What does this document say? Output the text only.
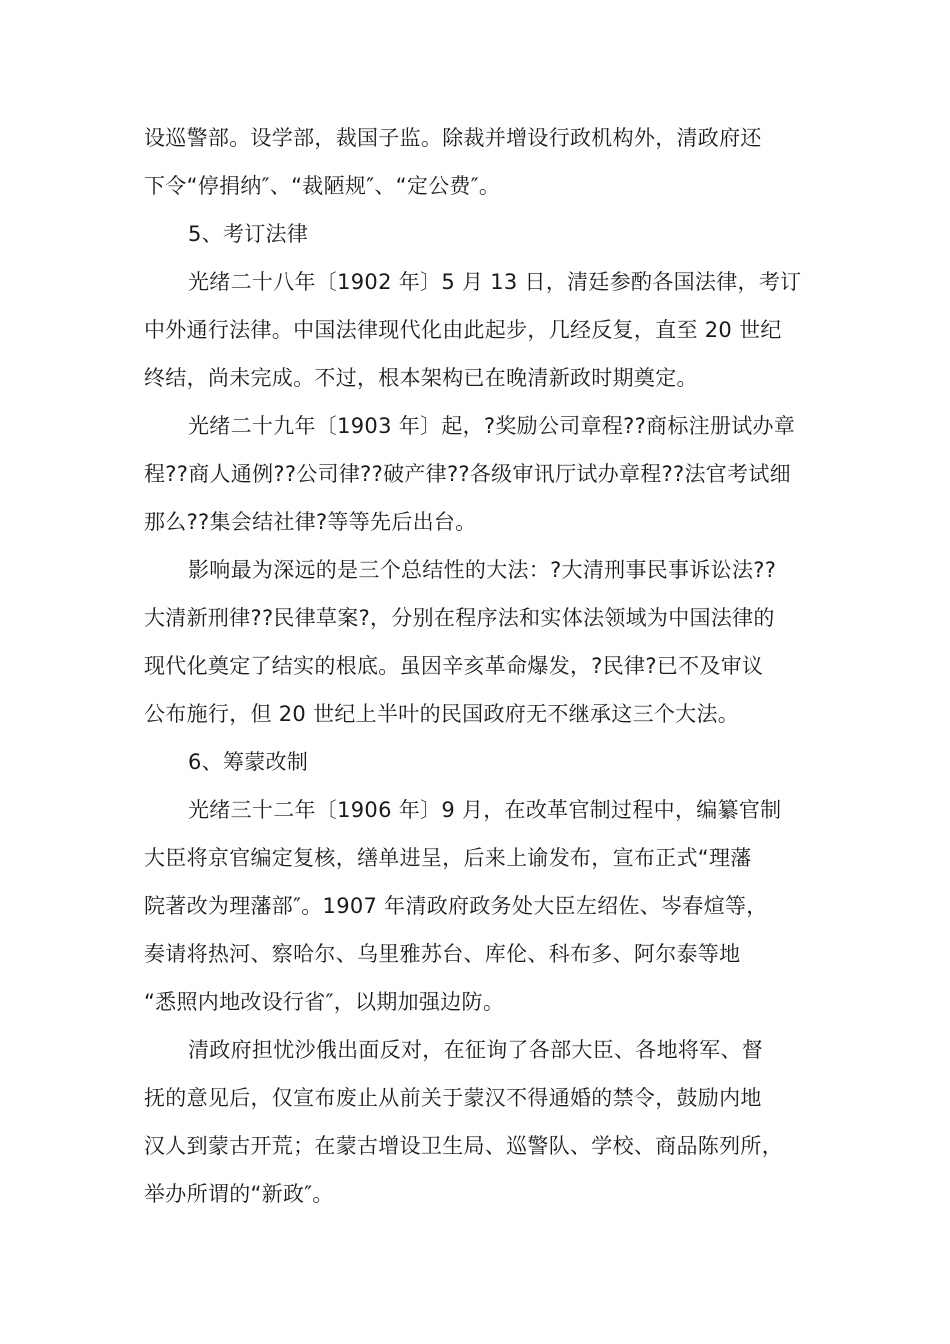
设巡警部。设学部，裁国子监。除裁并增设行政机构外，清政府还
下令“停捐纳″、“裁陋规″、“定公费″。
5、考订法律
光绪二十八年〔1902 年〕5 月 13 日，清廷参酌各国法律，考订
中外通行法律。中国法律现代化由此起步，几经反复，直至 20 世纪
终结，尚未完成。不过，根本架构已在晚清新政时期奠定。
光绪二十九年〔1903 年〕起，?奖励公司章程??商标注册试办章
程??商人通例??公司律??破产律??各级审讯厅试办章程??法官考试细
那么??集会结社律?等等先后出台。
影响最为深远的是三个总结性的大法：?大清刑事民事诉讼法??
大清新刑律??民律草案?，分别在程序法和实体法领域为中国法律的
现代化奠定了结实的根底。虽因辛亥革命爆发，?民律?已不及审议
公布施行，但 20 世纪上半叶的民国政府无不继承这三个大法。
6、筹蒙改制
光绪三十二年〔1906 年〕9 月，在改革官制过程中，编纂官制
大臣将京官编定复核，缮单进呈，后来上谕发布，宣布正式“理藩
院著改为理藩部″。1907 年清政府政务处大臣左绍佐、岑春煊等，
奏请将热河、察哈尔、乌里雅苏台、库伦、科布多、阿尔泰等地
“悉照内地改设行省″，以期加强边防。
清政府担忧沙俄出面反对，在征询了各部大臣、各地将军、督
抚的意见后，仅宣布废止从前关于蒙汉不得通婚的禁令，鼓励内地
汉人到蒙古开荒；在蒙古增设卫生局、巡警队、学校、商品陈列所，
举办所谓的“新政″。
